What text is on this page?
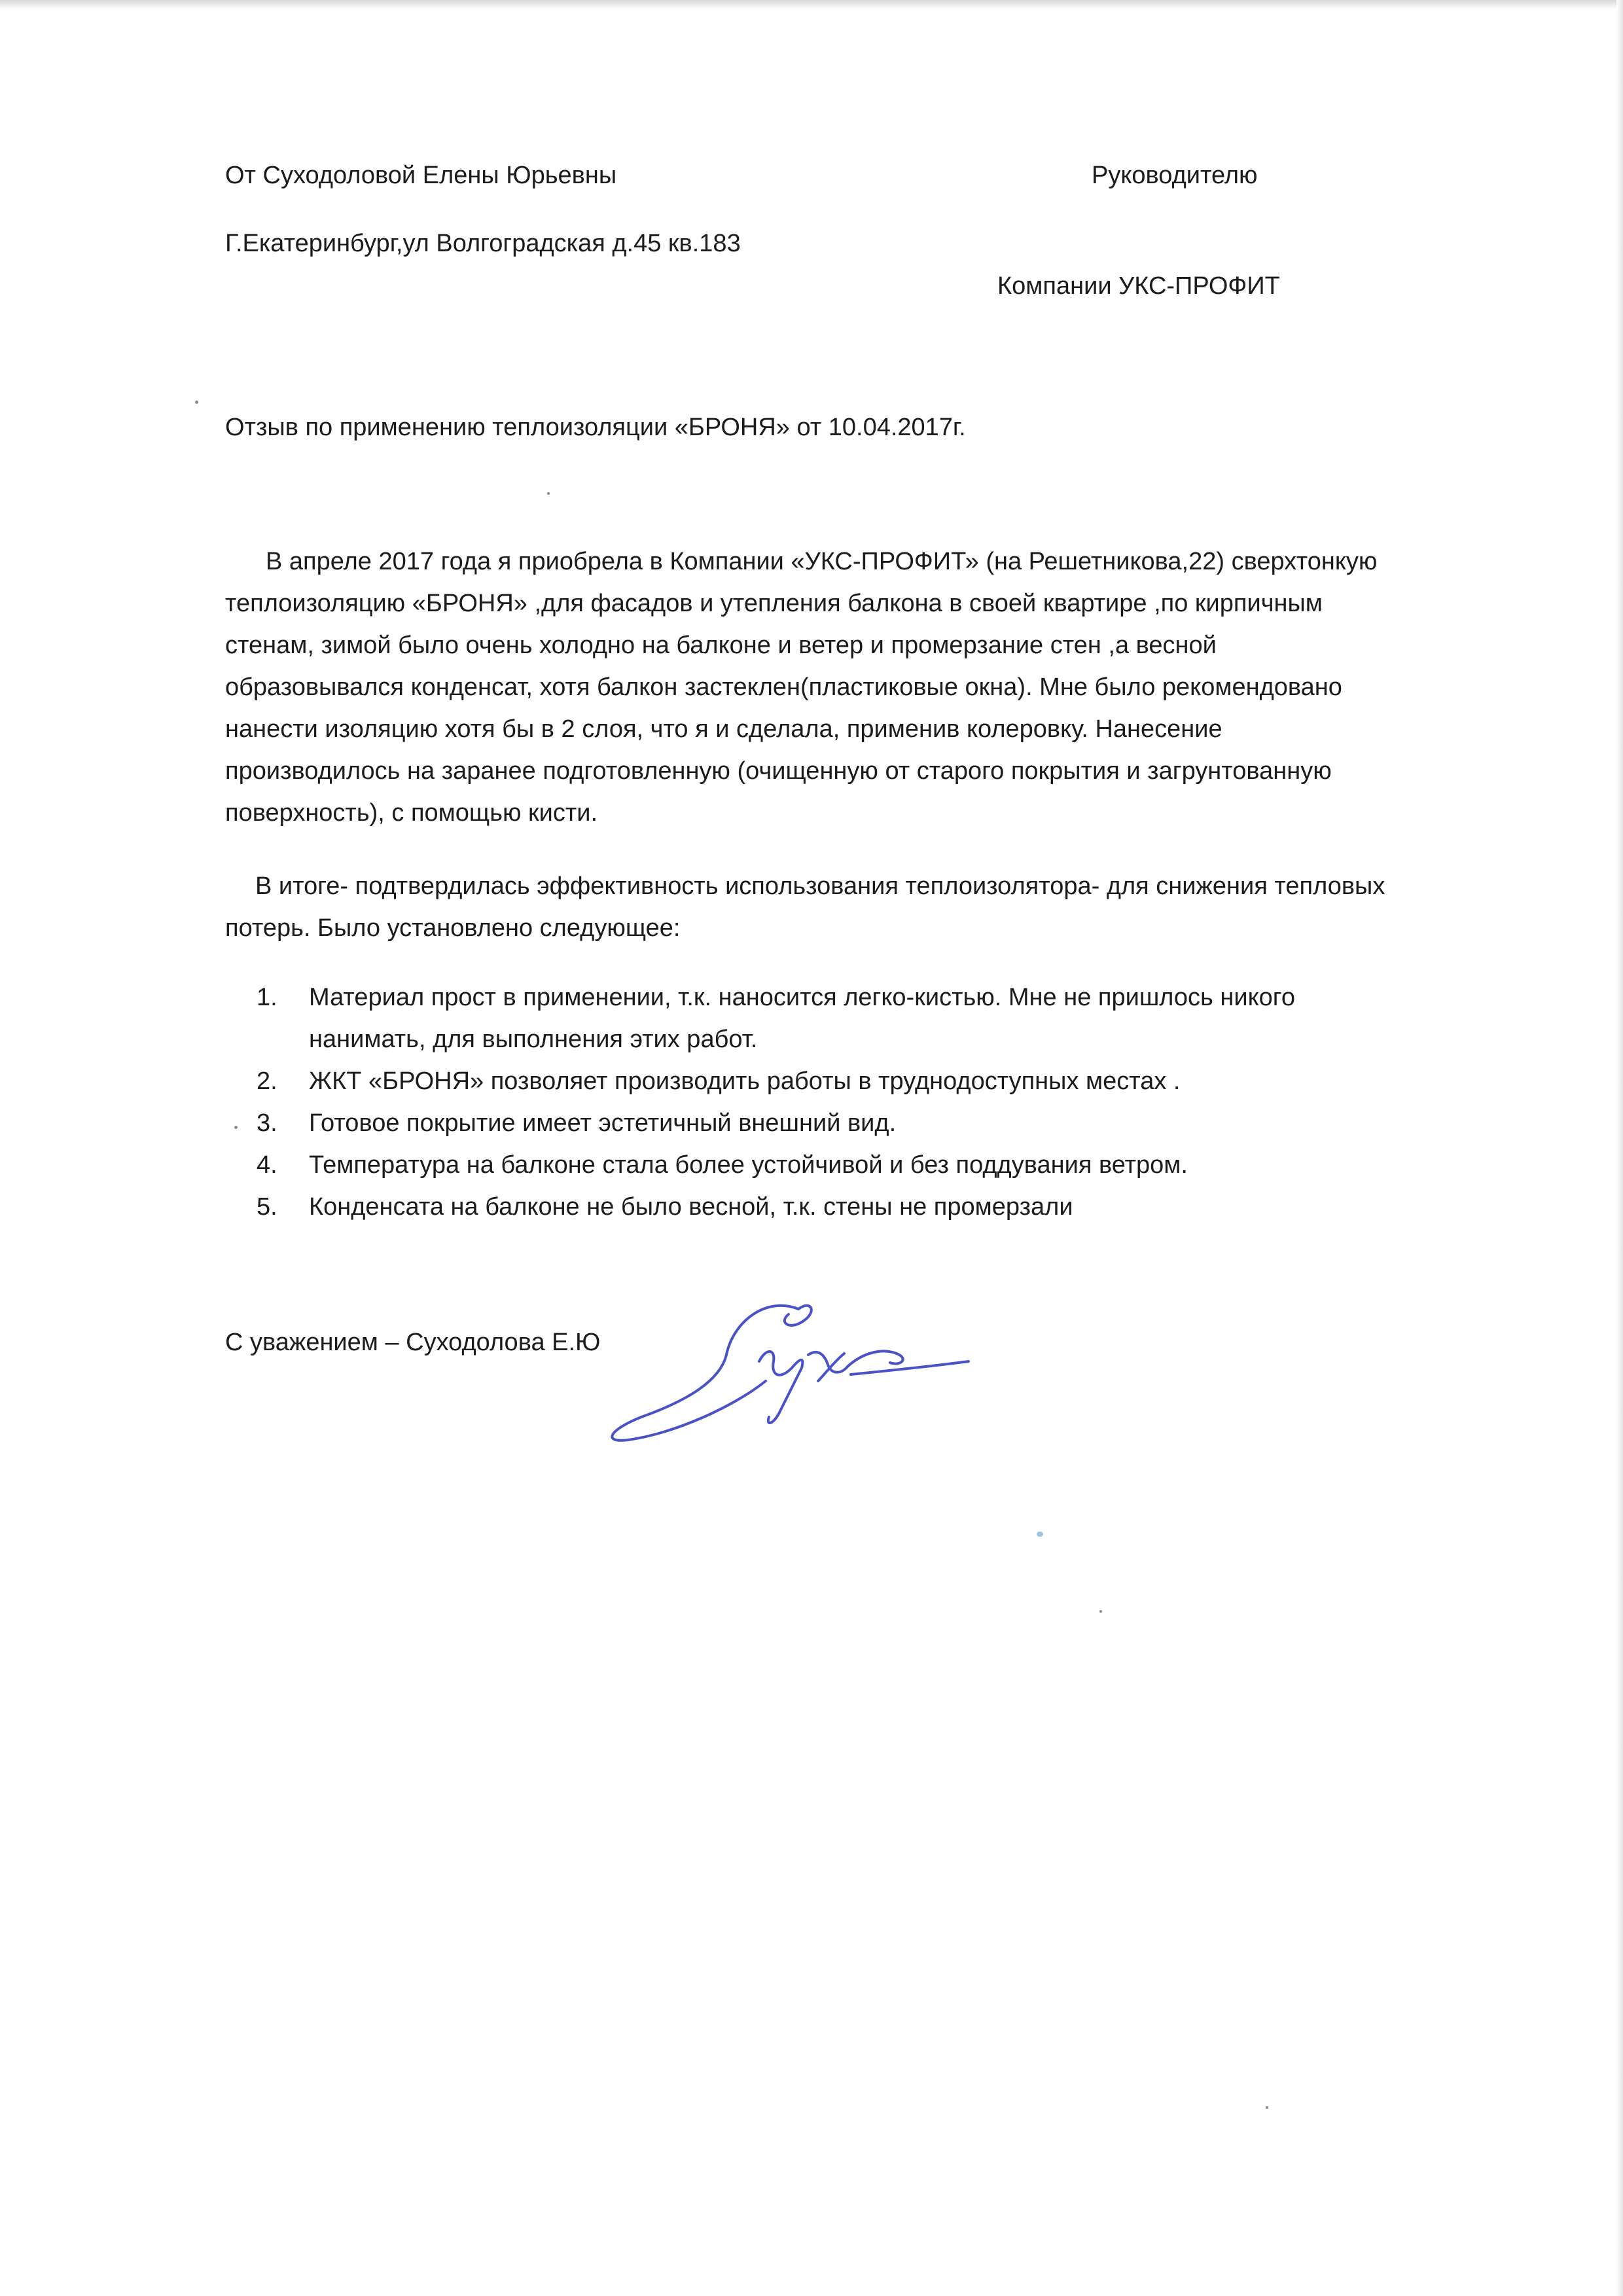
От Суходоловой Елены Юрьевны	Руководителю
Г.Екатеринбург,ул Волгоградская д.45 кв.183
Компании УКС-ПРОФИТ
Отзыв по применению теплоизоляции «БРОНЯ» от 10.04.2017г.
В апреле 2017 года я приобрела в Компании «УКС-ПРОФИТ» (на Решетникова,22) сверхтонкую
теплоизоляцию «БРОНЯ» ,для фасадов и утепления балкона в своей квартире ,по кирпичным
стенам, зимой было очень холодно на балконе и ветер и промерзание стен ,а весной
образовывался конденсат, хотя балкон застеклен(пластиковые окна). Мне было рекомендовано
нанести изоляцию хотя бы в 2 слоя, что я и сделала, применив колеровку. Нанесение
производилось на заранее подготовленную (очищенную от старого покрытия и загрунтованную
поверхность), с помощью кисти.
В итоге- подтвердилась эффективность использования теплоизолятора- для снижения тепловых
потерь. Было установлено следующее:
1. Материал прост в применении, т.к. наносится легко-кистью. Мне не пришлось никого
нанимать, для выполнения этих работ.
2. ЖКТ «БРОНЯ» позволяет производить работы в труднодоступных местах .
3. Готовое покрытие имеет эстетичный внешний вид.
4. Температура на балконе стала более устойчивой и без поддувания ветром.
5. Конденсата на балконе не было весной, т.к. стены не промерзали
С уважением – Суходолова Е.Ю
